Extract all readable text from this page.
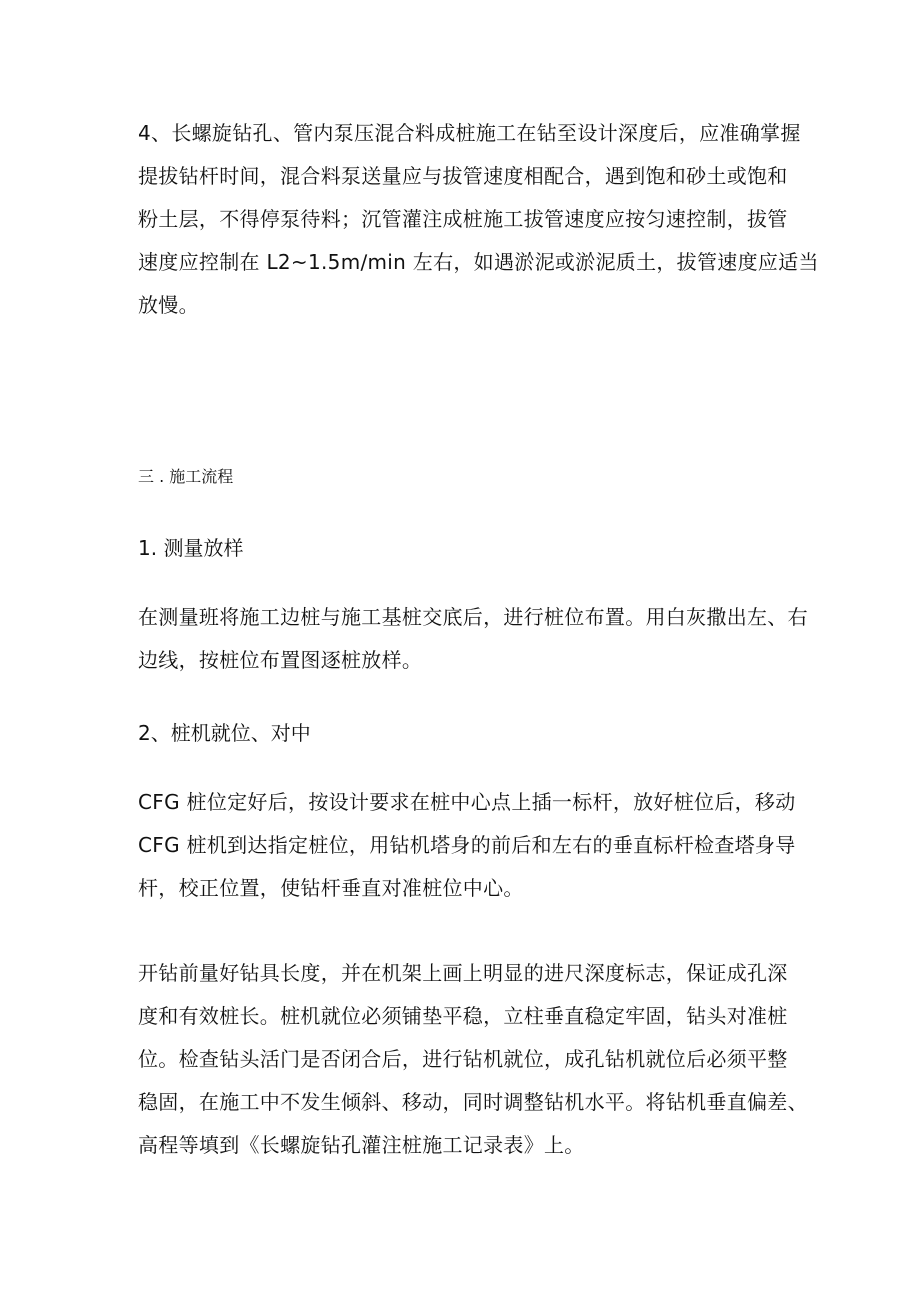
4、长螺旋钻孔、管内泵压混合料成桩施工在钻至设计深度后，应准确掌握
提拔钻杆时间，混合料泵送量应与拔管速度相配合，遇到饱和砂土或饱和
粉土层，不得停泵待料；沉管灌注成桩施工拔管速度应按匀速控制，拔管
速度应控制在 L2~1.5m∕min 左右，如遇淤泥或淤泥质土，拔管速度应适当
放慢。
三 . 施工流程
1. 测量放样
在测量班将施工边桩与施工基桩交底后，进行桩位布置。用白灰撒出左、右
边线，按桩位布置图逐桩放样。
2、桩机就位、对中
CFG 桩位定好后，按设计要求在桩中心点上插一标杆，放好桩位后，移动
CFG 桩机到达指定桩位，用钻机塔身的前后和左右的垂直标杆检查塔身导
杆，校正位置，使钻杆垂直对准桩位中心。
开钻前量好钻具长度，并在机架上画上明显的进尺深度标志，保证成孔深
度和有效桩长。桩机就位必须铺垫平稳，立柱垂直稳定牢固，钻头对准桩
位。检查钻头活门是否闭合后，进行钻机就位，成孔钻机就位后必须平整
稳固，在施工中不发生倾斜、移动，同时调整钻机水平。将钻机垂直偏差、
高程等填到《长螺旋钻孔灌注桩施工记录表》上。
